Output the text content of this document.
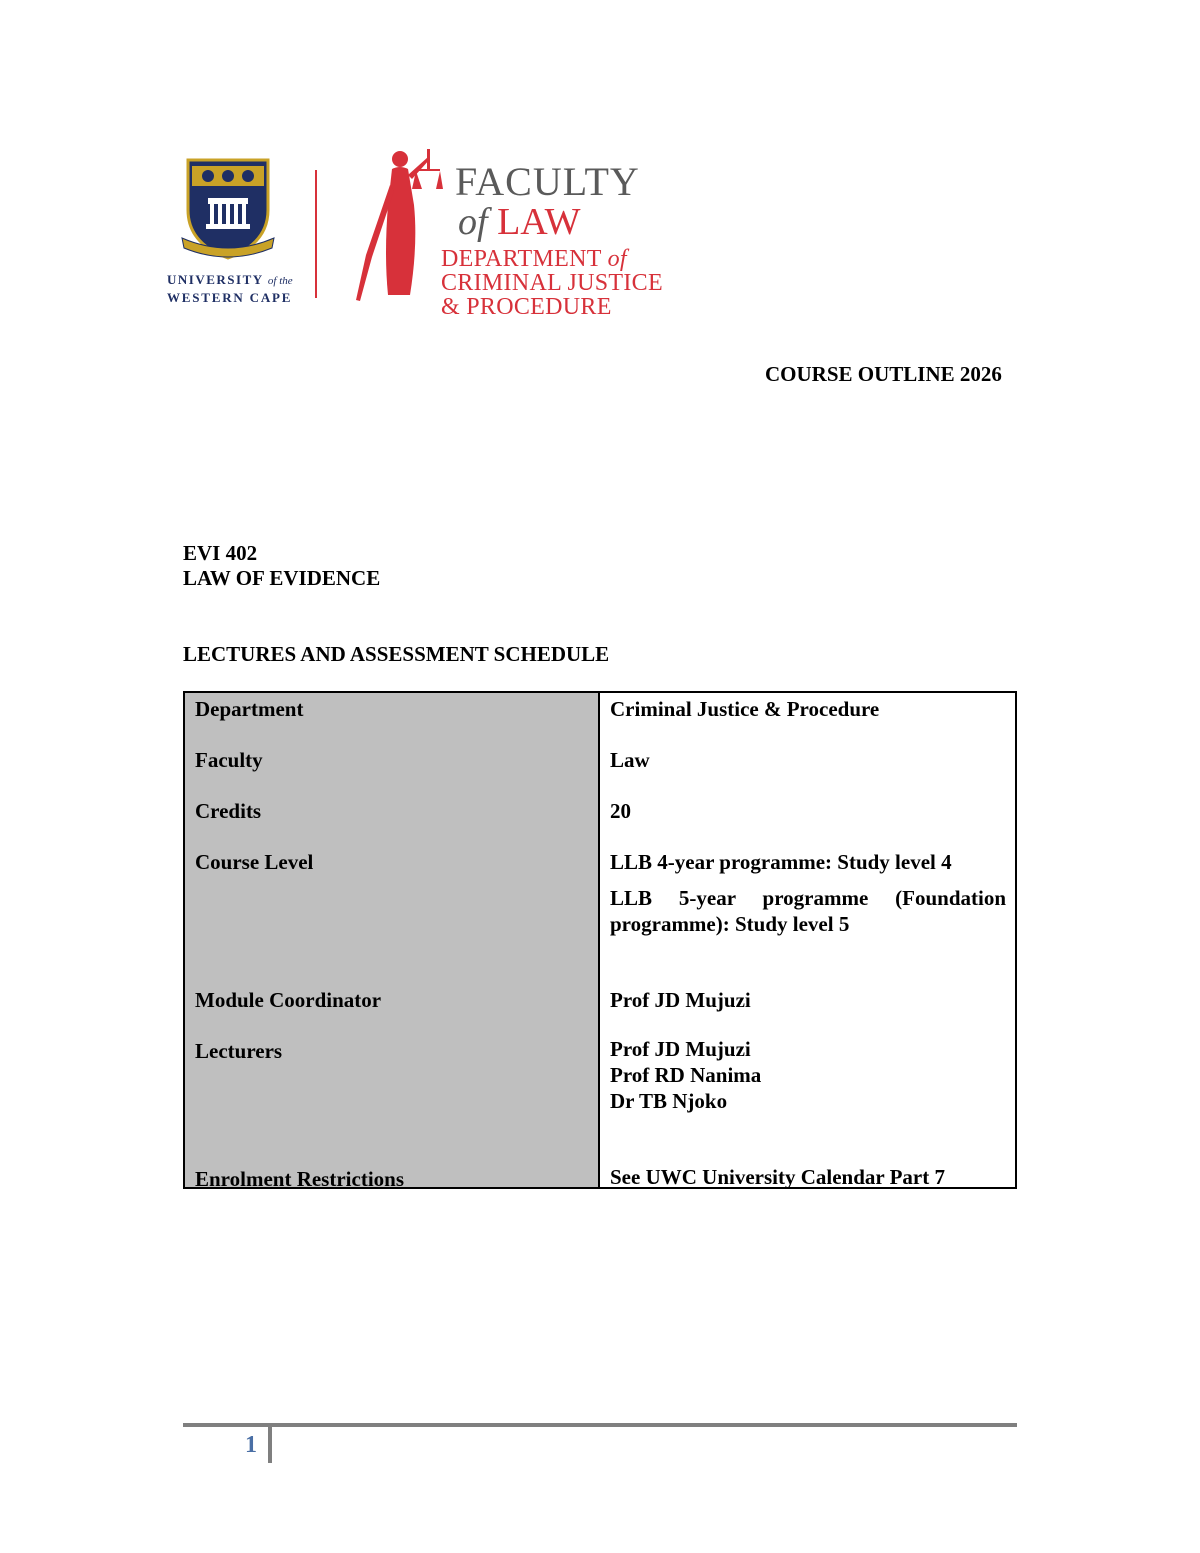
UNIVERSITY of the
WESTERN CAPE
FACULTY
of LAW
DEPARTMENT of
CRIMINAL JUSTICE
& PROCEDURE
COURSE OUTLINE 2026
EVI 402
LAW OF EVIDENCE
LECTURES AND ASSESSMENT SCHEDULE
Department
Faculty
Credits
Course Level
Module Coordinator
Lecturers
Enrolment Restrictions
Criminal Justice & Procedure
Law
20
LLB 4-year programme: Study level 4
LLB 5-year programme (Foundation programme): Study level 5
Prof JD Mujuzi
Prof JD Mujuzi
Prof RD Nanima
Dr TB Njoko
See UWC University Calendar Part 7
1
